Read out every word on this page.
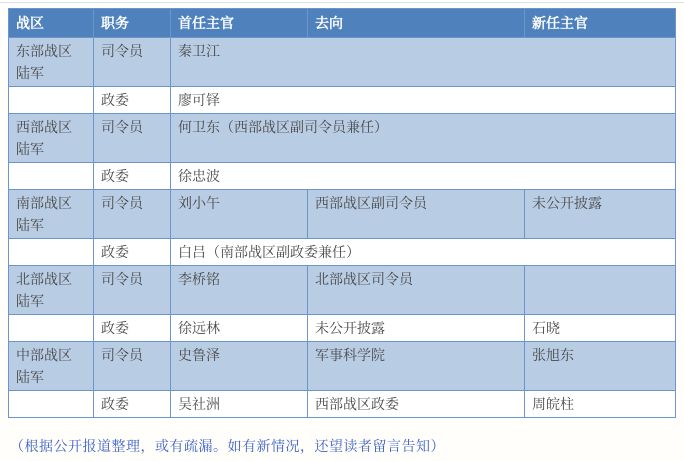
战区	职务	首任主官	去向	新任主官
东部战区陆军	司令员	秦卫江		
	政委	廖可铎		
西部战区陆军	司令员	何卫东（西部战区副司令员兼任）		
	政委	徐忠波		
南部战区陆军	司令员	刘小午	西部战区副司令员	未公开披露
	政委	白吕（南部战区副政委兼任）		
北部战区陆军	司令员	李桥铭	北部战区司令员	
	政委	徐远林	未公开披露	石晓
中部战区陆军	司令员	史鲁泽	军事科学院	张旭东
	政委	吴社洲	西部战区政委	周皖柱
（根据公开报道整理，或有疏漏。如有新情况，还望读者留言告知）
